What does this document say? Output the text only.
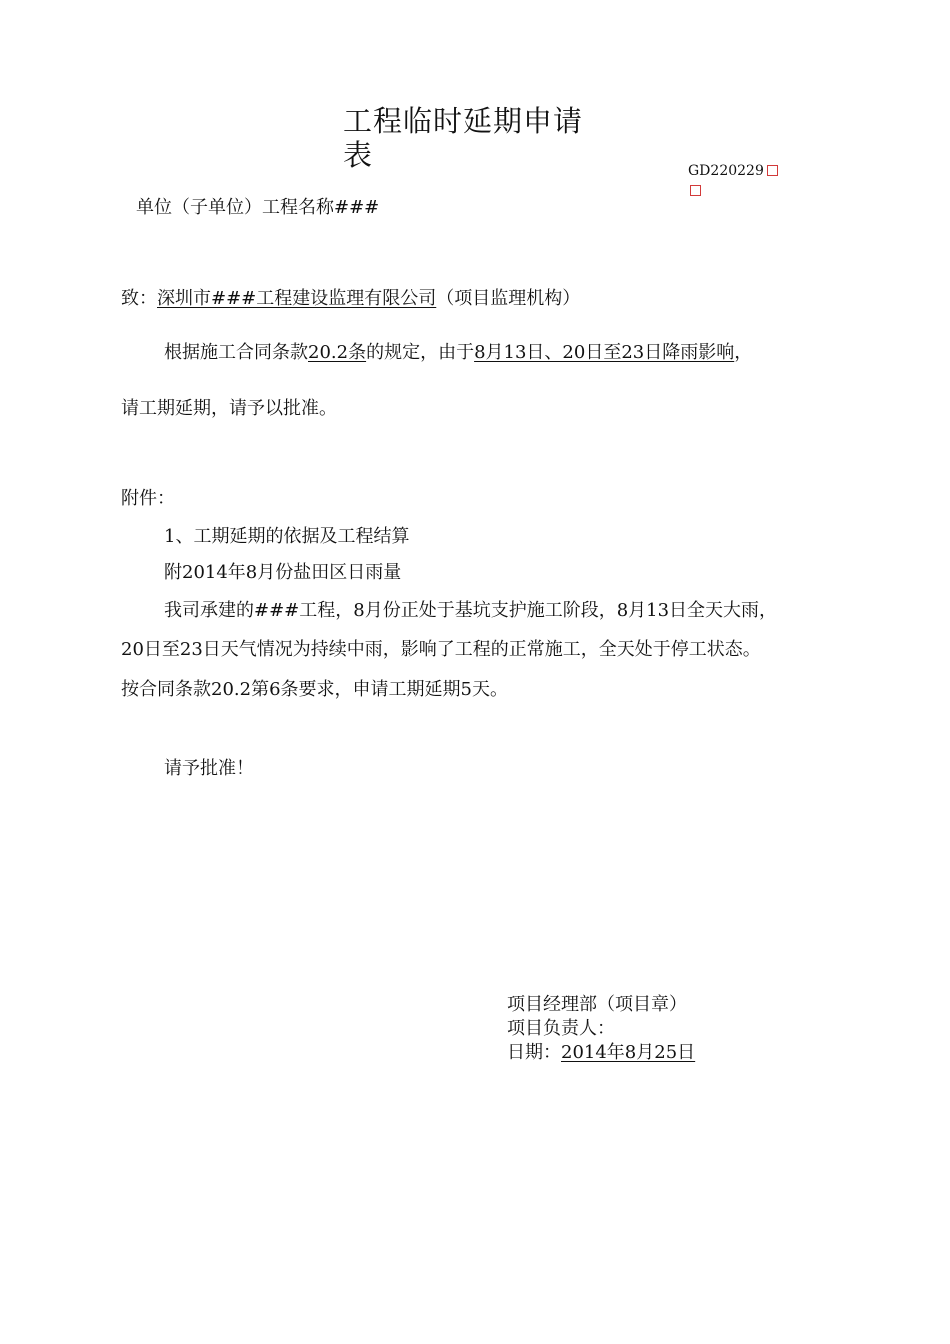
工程临时延期申请
表	GD220229
单位（子单位）工程名称###
致：深圳市###工程建设监理有限公司（项目监理机构）
根据施工合同条款20.2条的规定，由于8月13日、20日至23日降雨影响，
请工期延期，请予以批准。
附件：
1、工期延期的依据及工程结算
附2014年8月份盐田区日雨量
我司承建的###工程，8月份正处于基坑支护施工阶段，8月13日全天大雨，
20日至23日天气情况为持续中雨，影响了工程的正常施工，全天处于停工状态。
按合同条款20.2第6条要求，申请工期延期5天。
请予批准！
项目经理部（项目章）
项目负责人：
日期：2014年8月25日
